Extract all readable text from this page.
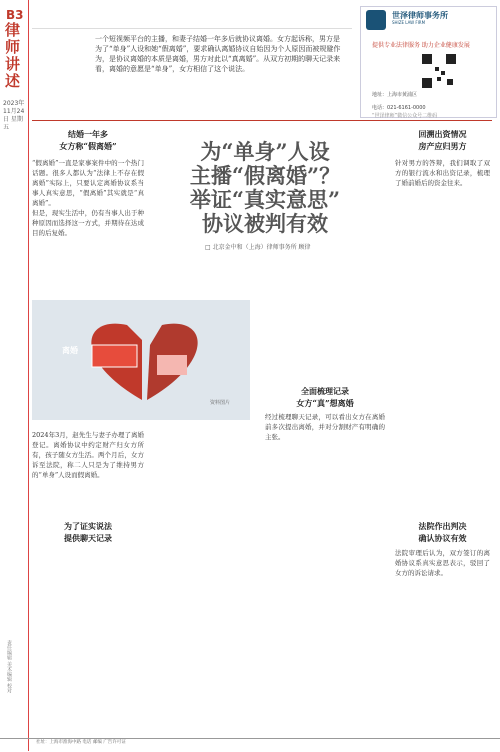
B3
律师讲述
2023年11月24日 星期五
责任编辑 美术编辑 校对
一个短视频平台的主播，和妻子结婚一年多后就协议离婚。女方起诉称，男方是为了“单身”人设和她“假离婚”，要求确认离婚协议自始因为个人原因而被规避作为，是协议离婚的本质是离婚，男方对此以“真离婚”。从双方初期的聊天记录来看，离婚的意愿是“单身”，女方相信了这个说法。
世泽律师事务所
SHIZE LAW FIRM
提供专业法律服务 助力企业健康发展
地址：上海市黄浦区
电话：021-6161-0000
“世泽律师”微信公众号二维码
结婚一年多
女方称“假离婚”

“假离婚”一直是家事案件中的一个热门话题。很多人都认为“法律上不存在假离婚”实际上，只要认定离婚协议系当事人真实意思，“假离婚”其实就是“真离婚”。

但是，现实生活中，仍有当事人出于种种原因而选择这一方式，并期待在达成目的后复婚。

为“单身”人设
主播“假离婚”？
举证“真实意思”
协议被判有效
□ 北京金中和（上海）律师事务所 顾律
离婚
资料图片
为了证实说法
提供聊天记录
2024年3月，赵先生与妻子办理了离婚登记。离婚协议中约定财产归女方所有，孩子随女方生活。两个月后，女方诉至法院，称二人只是为了维持男方的“单身”人设而假离婚。
回溯出资情况
房产应归男方
针对男方的答辩，我们调取了双方的银行流水和出资记录，梳理了婚前婚后的资金往来。
全面梳理记录
女方“真”想离婚
经过梳理聊天记录，可以看出女方在离婚前多次提出离婚，并对分割财产有明确的主张。
法院作出判决
确认协议有效
法院审理后认为，双方签订的离婚协议系真实意思表示，驳回了女方的诉讼请求。
社址：上海市淮海中路 电话 邮编 广告许可证
